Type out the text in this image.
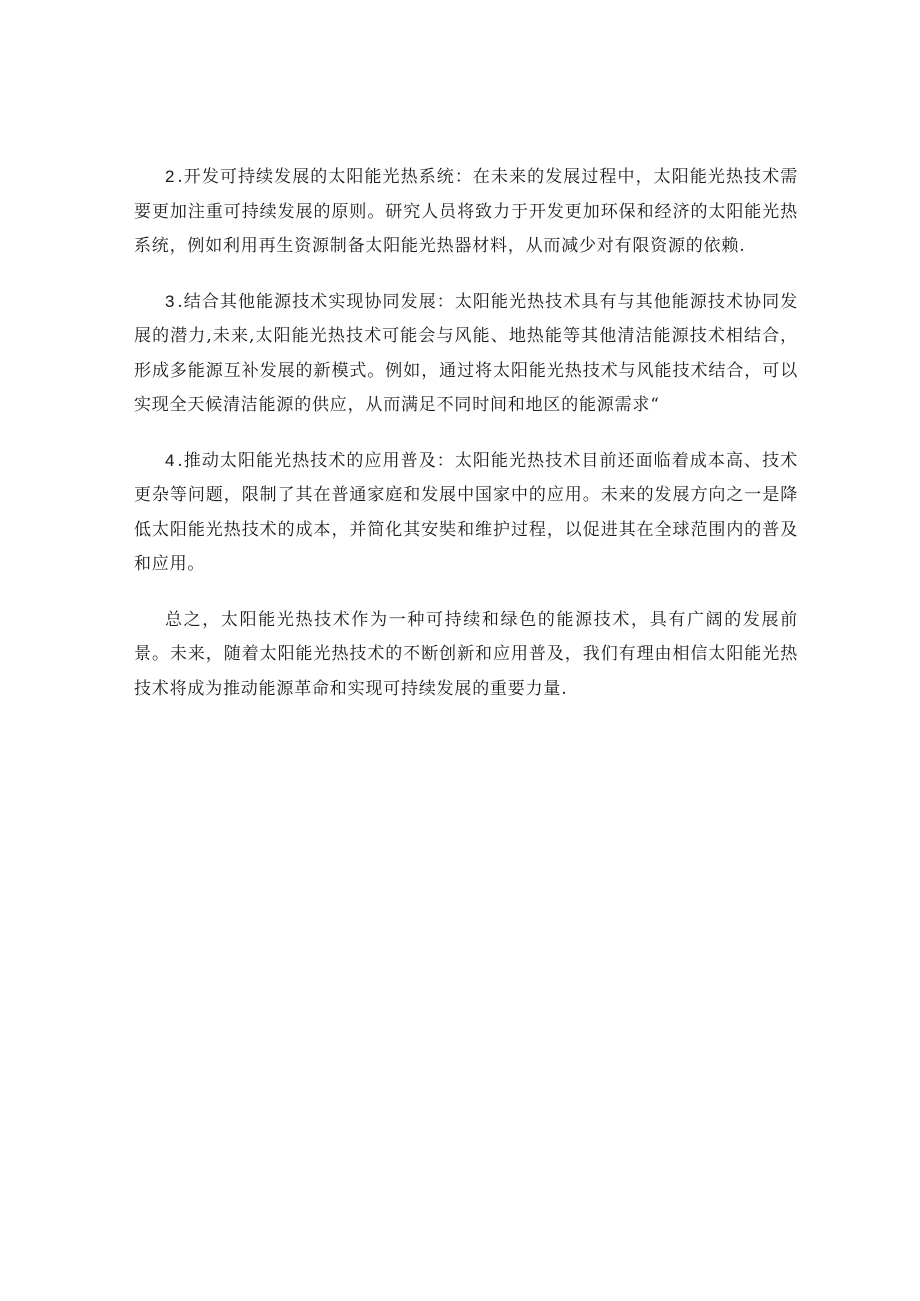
2 .开发可持续发展的太阳能光热系统：在未来的发展过程中，太阳能光热技术需要更加注重可持续发展的原则。研究人员将致力于开发更加环保和经济的太阳能光热系统，例如利用再生资源制备太阳能光热器材料，从而减少对有限资源的依赖.

3 .结合其他能源技术实现协同发展：太阳能光热技术具有与其他能源技术协同发展的潜力,未来,太阳能光热技术可能会与风能、地热能等其他清洁能源技术相结合，形成多能源互补发展的新模式。例如，通过将太阳能光热技术与风能技术结合，可以实现全天候清洁能源的供应，从而满足不同时间和地区的能源需求“

4 .推动太阳能光热技术的应用普及：太阳能光热技术目前还面临着成本高、技术更杂等问题，限制了其在普通家庭和发展中国家中的应用。未来的发展方向之一是降低太阳能光热技术的成本，并简化其安奘和维护过程，以促进其在全球范围内的普及和应用。

总之，太阳能光热技术作为一种可持续和绿色的能源技术，具有广阔的发展前景。未来，随着太阳能光热技术的不断创新和应用普及，我们有理由相信太阳能光热技术将成为推动能源革命和实现可持续发展的重要力量.
